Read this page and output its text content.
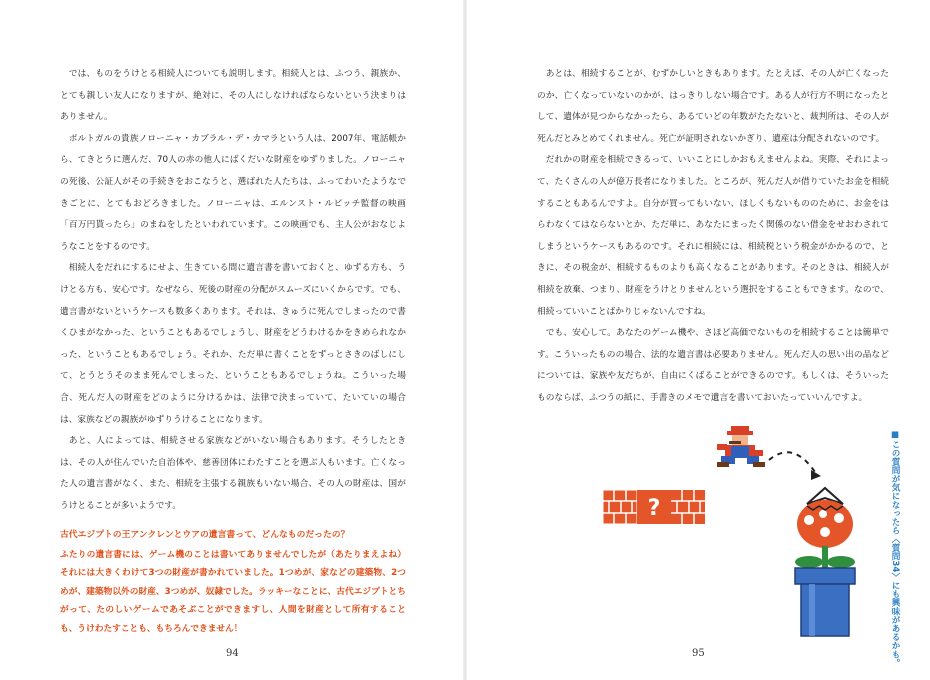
では、ものをうけとる相続人についても説明します。相続人とは、ふつう、親族か、とても親しい友人になりますが、絶対に、その人にしなければならないという決まりはありません。

ポルトガルの貴族ノローニャ・カブラル・デ・カマラという人は、2007年、電話帳から、てきとうに選んだ、70人の赤の他人にばくだいな財産をゆずりました。ノローニャの死後、公証人がその手続きをおこなうと、選ばれた人たちは、ふってわいたようなできごとに、とてもおどろきました。ノローニャは、エルンスト・ルビッチ監督の映画「百万円貰ったら」のまねをしたといわれています。この映画でも、主人公がおなじようなことをするのです。

相続人をだれにするにせよ、生きている間に遺言書を書いておくと、ゆずる方も、うけとる方も、安心です。なぜなら、死後の財産の分配がスムーズにいくからです。でも、遺言書がないというケースも数多くあります。それは、きゅうに死んでしまったので書くひまがなかった、ということもあるでしょうし、財産をどうわけるかをきめられなかった、ということもあるでしょう。それか、ただ単に書くことをずっとさきのばしにして、とうとうそのまま死んでしまった、ということもあるでしょうね。こういった場合、死んだ人の財産をどのように分けるかは、法律で決まっていて、たいていの場合は、家族などの親族がゆずりうけることになります。

あと、人によっては、相続させる家族などがいない場合もあります。そうしたときは、その人が住んでいた自治体や、慈善団体にわたすことを選ぶ人もいます。亡くなった人の遺言書がなく、また、相続を主張する親族もいない場合、その人の財産は、国がうけとることが多いようです。

古代エジプトの王アンクレンとウアの遺言書って、どんなものだったの？

ふたりの遺言書には、ゲーム機のことは書いてありませんでしたが（あたりまえよね）それには大きくわけて3つの財産が書かれていました。1つめが、家などの建築物、2つめが、建築物以外の財産、3つめが、奴隷でした。ラッキーなことに、古代エジプトとちがって、たのしいゲームであそぶことができますし、人間を財産として所有することも、うけわたすことも、もちろんできません！

94

あとは、相続することが、むずかしいときもあります。たとえば、その人が亡くなったのか、亡くなっていないのかが、はっきりしない場合です。ある人が行方不明になったとして、遺体が見つからなかったら、あるていどの年数がたたないと、裁判所は、その人が死んだとみとめてくれません。死亡が証明されないかぎり、遺産は分配されないのです。

だれかの財産を相続できるって、いいことにしかおもえませんよね。実際、それによって、たくさんの人が億万長者になりました。ところが、死んだ人が借りていたお金を相続することもあるんですよ。自分が買ってもいない、ほしくもないもののために、お金をはらわなくてはならないとか、ただ単に、あなたにまったく関係のない借金をせおわされてしまうというケースもあるのです。それに相続には、相続税という税金がかかるので、ときに、その税金が、相続するものよりも高くなることがあります。そのときは、相続人が相続を放棄、つまり、財産をうけとりませんという選択をすることもできます。なので、相続っていいことばかりじゃないんですね。

でも、安心して。あなたのゲーム機や、さほど高価でないものを相続することは簡単です。こういったものの場合、法的な遺言書は必要ありません。死んだ人の思い出の品などについては、家族や友だちが、自由にくばることができるのです。もしくは、そういったものならば、ふつうの紙に、手書きのメモで遺言を書いておいたっていいんですよ。

?	■この質問が気になったら〈質問34〉にも興味があるかも。
95
